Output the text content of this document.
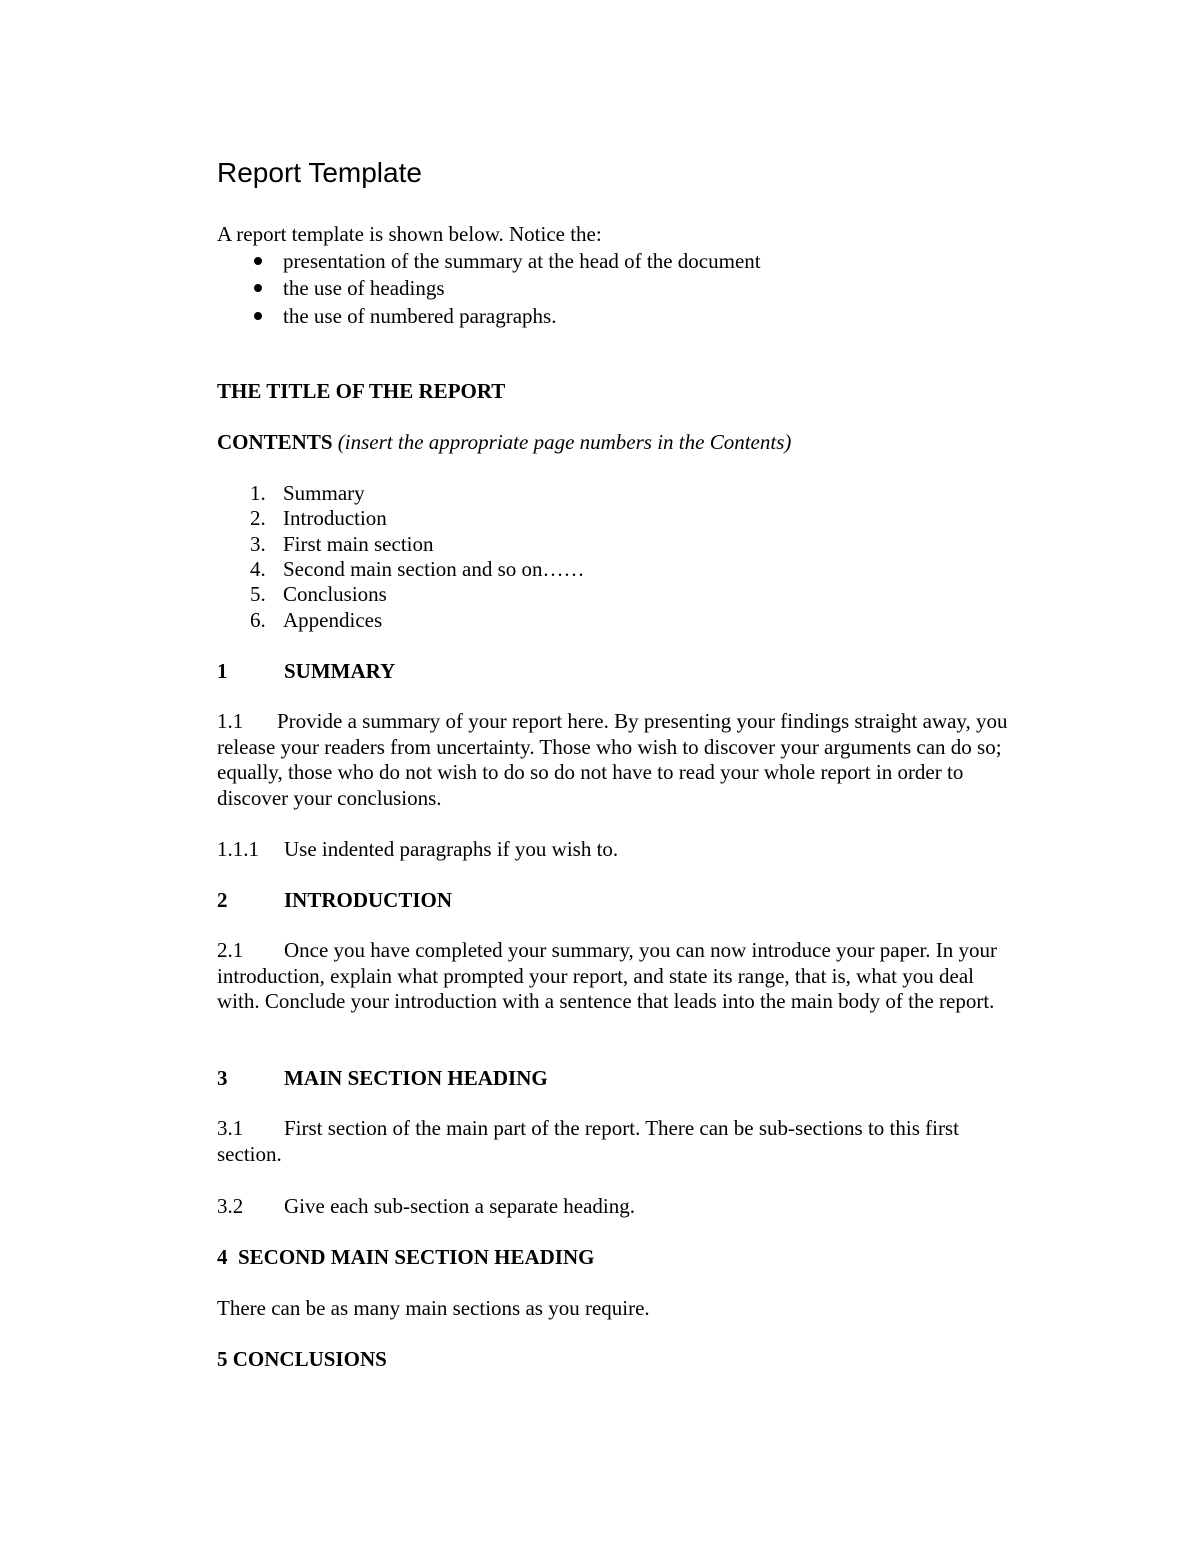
Report Template
A report template is shown below. Notice the:
presentation of the summary at the head of the document
the use of headings
the use of numbered paragraphs.
THE TITLE OF THE REPORT
CONTENTS (insert the appropriate page numbers in the Contents)
1. Summary
2. Introduction
3. First main section
4. Second main section and so on……
5. Conclusions
6. Appendices
1	SUMMARY
1.1 Provide a summary of your report here. By presenting your findings straight away, you release your readers from uncertainty. Those who wish to discover your arguments can do so; equally, those who do not wish to do so do not have to read your whole report in order to discover your conclusions.
1.1.1 Use indented paragraphs if you wish to.
2	INTRODUCTION
2.1 Once you have completed your summary, you can now introduce your paper. In your introduction, explain what prompted your report, and state its range, that is, what you deal with. Conclude your introduction with a sentence that leads into the main body of the report.
3	MAIN SECTION HEADING
3.1 First section of the main part of the report. There can be sub-sections to this first section.
3.2 Give each sub-section a separate heading.
4  SECOND MAIN SECTION HEADING
There can be as many main sections as you require.
5 CONCLUSIONS
